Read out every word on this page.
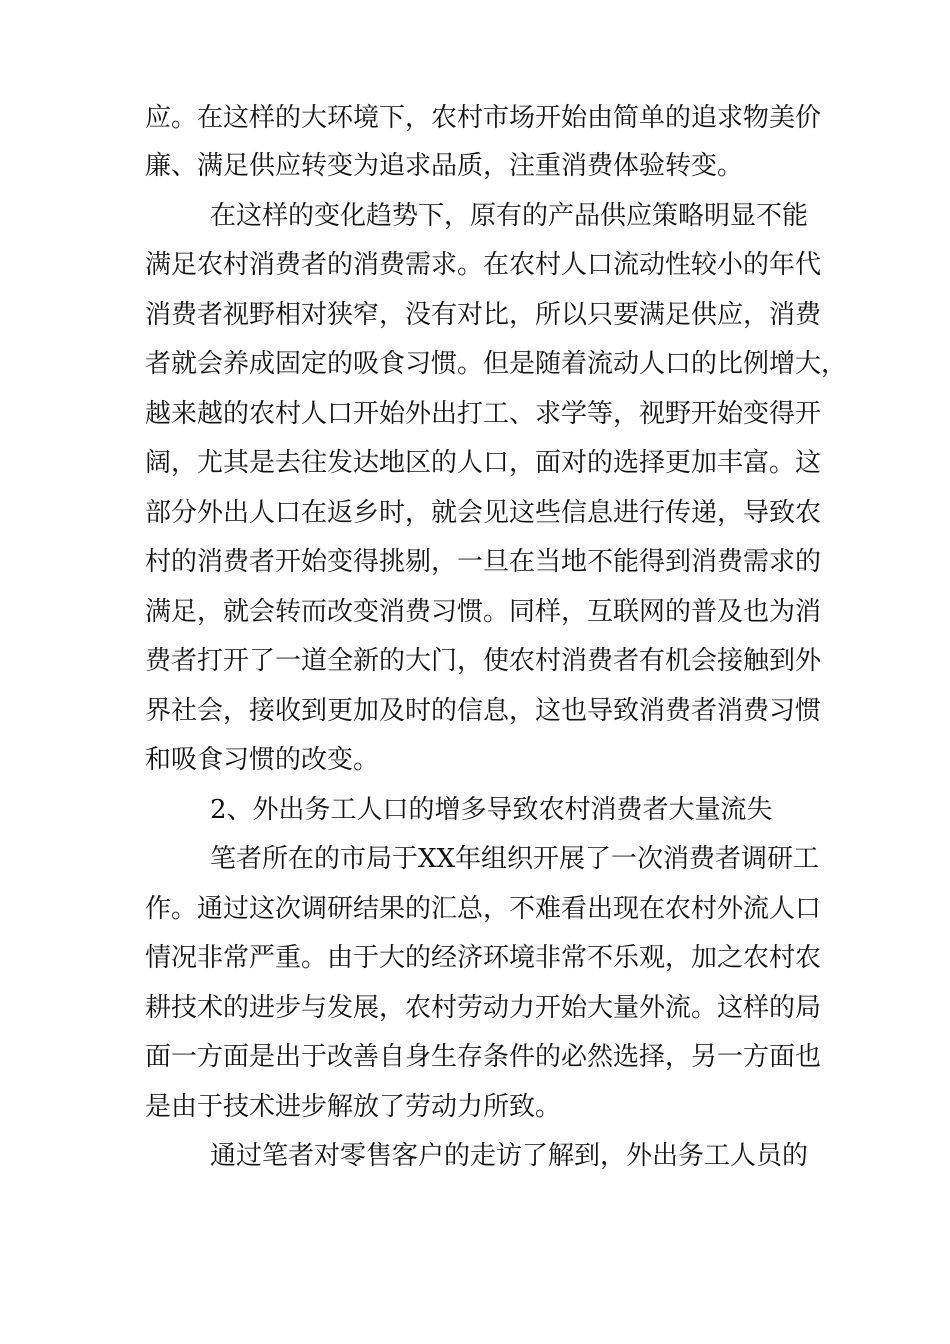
应。在这样的大环境下，农村市场开始由简单的追求物美价

廉、满足供应转变为追求品质，注重消费体验转变。

在这样的变化趋势下，原有的产品供应策略明显不能

满足农村消费者的消费需求。在农村人口流动性较小的年代

消费者视野相对狭窄，没有对比，所以只要满足供应，消费

者就会养成固定的吸食习惯。但是随着流动人口的比例增大，

越来越的农村人口开始外出打工、求学等，视野开始变得开

阔，尤其是去往发达地区的人口，面对的选择更加丰富。这

部分外出人口在返乡时，就会见这些信息进行传递，导致农

村的消费者开始变得挑剔，一旦在当地不能得到消费需求的

满足，就会转而改变消费习惯。同样，互联网的普及也为消

费者打开了一道全新的大门，使农村消费者有机会接触到外

界社会，接收到更加及时的信息，这也导致消费者消费习惯

和吸食习惯的改变。

2、外出务工人口的增多导致农村消费者大量流失

笔者所在的市局于XX年组织开展了一次消费者调研工

作。通过这次调研结果的汇总，不难看出现在农村外流人口

情况非常严重。由于大的经济环境非常不乐观，加之农村农

耕技术的进步与发展，农村劳动力开始大量外流。这样的局

面一方面是出于改善自身生存条件的必然选择，另一方面也

是由于技术进步解放了劳动力所致。

通过笔者对零售客户的走访了解到，外出务工人员的
